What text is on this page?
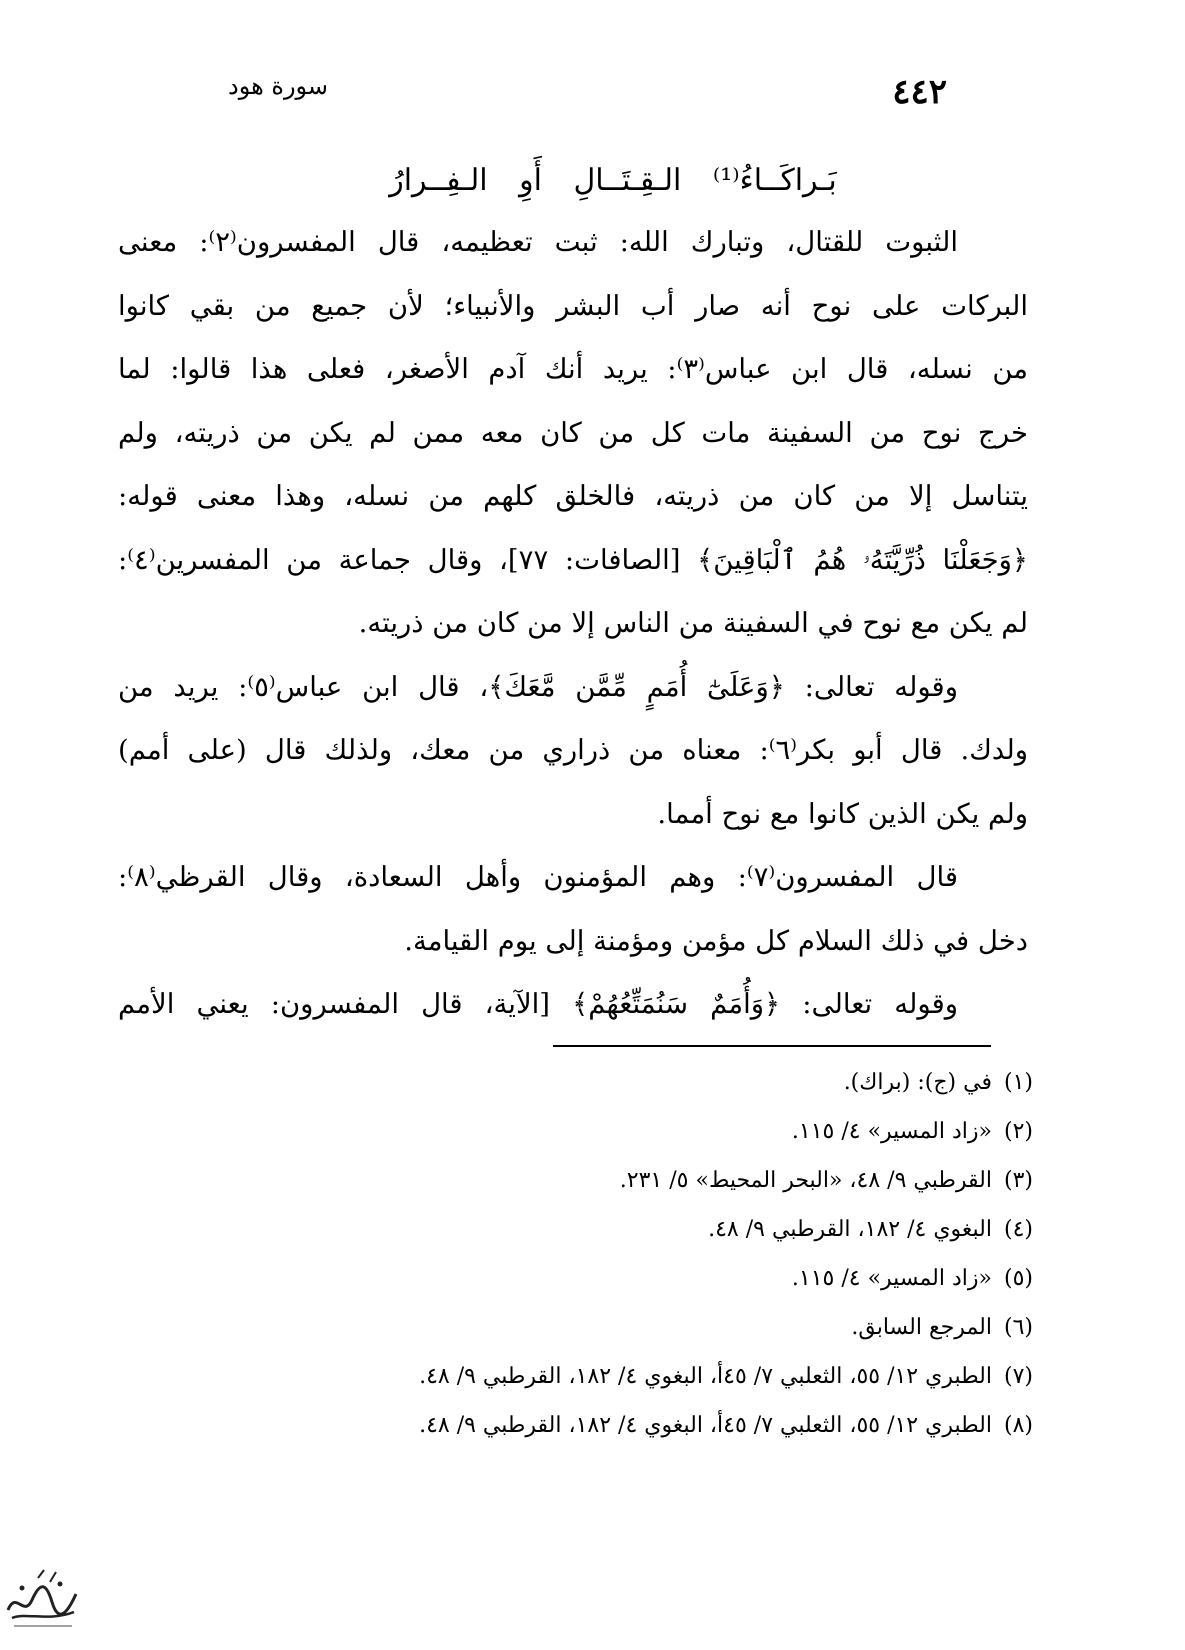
٤٤٢
سورة هود
بَـراكَــاءُ⁽¹⁾ الـقِـتَــالِ أَوِ الـفِــرارُ
الثبوت للقتال، وتبارك الله: ثبت تعظيمه، قال المفسرون⁽٢⁾: معنى
البركات على نوح أنه صار أب البشر والأنبياء؛ لأن جميع من بقي كانوا
من نسله، قال ابن عباس⁽٣⁾: يريد أنك آدم الأصغر، فعلى هذا قالوا: لما
خرج نوح من السفينة مات كل من كان معه ممن لم يكن من ذريته، ولم
يتناسل إلا من كان من ذريته، فالخلق كلهم من نسله، وهذا معنى قوله:
﴿وَجَعَلْنَا ذُرِّيَّتَهُۥ هُمُ ٱلْبَاقِينَ﴾ [الصافات: ٧٧]، وقال جماعة من المفسرين⁽٤⁾:
لم يكن مع نوح في السفينة من الناس إلا من كان من ذريته.
وقوله تعالى: ﴿وَعَلَىٰٓ أُمَمٍ مِّمَّن مَّعَكَ﴾، قال ابن عباس⁽٥⁾: يريد من
ولدك. قال أبو بكر⁽٦⁾: معناه من ذراري من معك، ولذلك قال (على أمم)
ولم يكن الذين كانوا مع نوح أمما.
قال المفسرون⁽٧⁾: وهم المؤمنون وأهل السعادة، وقال القرظي⁽٨⁾:
دخل في ذلك السلام كل مؤمن ومؤمنة إلى يوم القيامة.
وقوله تعالى: ﴿وَأُمَمٌ سَنُمَتِّعُهُمْ﴾ [الآية، قال المفسرون: يعني الأمم
(١)في (ج): (براك).
(٢)«زاد المسير» ٤/ ١١٥.
(٣)القرطبي ٩/ ٤٨، «البحر المحيط» ٥/ ٢٣١.
(٤)البغوي ٤/ ١٨٢، القرطبي ٩/ ٤٨.
(٥)«زاد المسير» ٤/ ١١٥.
(٦)المرجع السابق.
(٧)الطبري ١٢/ ٥٥، الثعلبي ٧/ ٤٥أ، البغوي ٤/ ١٨٢، القرطبي ٩/ ٤٨.
(٨)الطبري ١٢/ ٥٥، الثعلبي ٧/ ٤٥أ، البغوي ٤/ ١٨٢، القرطبي ٩/ ٤٨.
